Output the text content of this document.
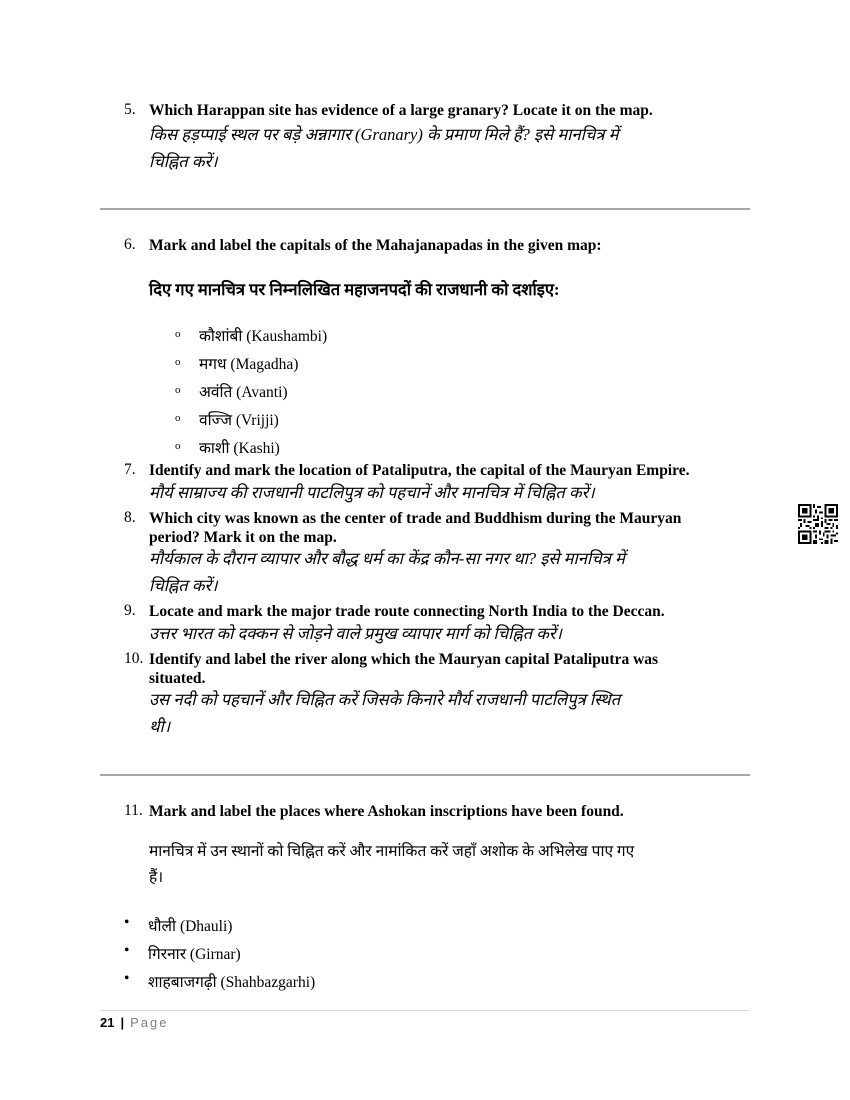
5. Which Harappan site has evidence of a large granary? Locate it on the map.
किस हड़प्पाई स्थल पर बड़े अन्नागार (Granary) के प्रमाण मिले हैं? इसे मानचित्र में
चिह्नित करें।
6. Mark and label the capitals of the Mahajanapadas in the given map:
दिए गए मानचित्र पर निम्नलिखित महाजनपदों की राजधानी को दर्शाइए:
o कौशांबी (Kaushambi)
o मगध (Magadha)
o अवंति (Avanti)
o वज्जि (Vrijji)
o काशी (Kashi)
7. Identify and mark the location of Pataliputra, the capital of the Mauryan Empire.
मौर्य साम्राज्य की राजधानी पाटलिपुत्र को पहचानें और मानचित्र में चिह्नित करें।
8. Which city was known as the center of trade and Buddhism during the Mauryan
period? Mark it on the map.
मौर्यकाल के दौरान व्यापार और बौद्ध धर्म का केंद्र कौन-सा नगर था? इसे मानचित्र में
चिह्नित करें।
9. Locate and mark the major trade route connecting North India to the Deccan.
उत्तर भारत को दक्कन से जोड़ने वाले प्रमुख व्यापार मार्ग को चिह्नित करें।
10. Identify and label the river along which the Mauryan capital Pataliputra was
situated.
उस नदी को पहचानें और चिह्नित करें जिसके किनारे मौर्य राजधानी पाटलिपुत्र स्थित
थी।
11. Mark and label the places where Ashokan inscriptions have been found.
मानचित्र में उन स्थानों को चिह्नित करें और नामांकित करें जहाँ अशोक के अभिलेख पाए गए
हैं।
• धौली (Dhauli)
• गिरनार (Girnar)
• शाहबाजगढ़ी (Shahbazgarhi)
21 | Page
